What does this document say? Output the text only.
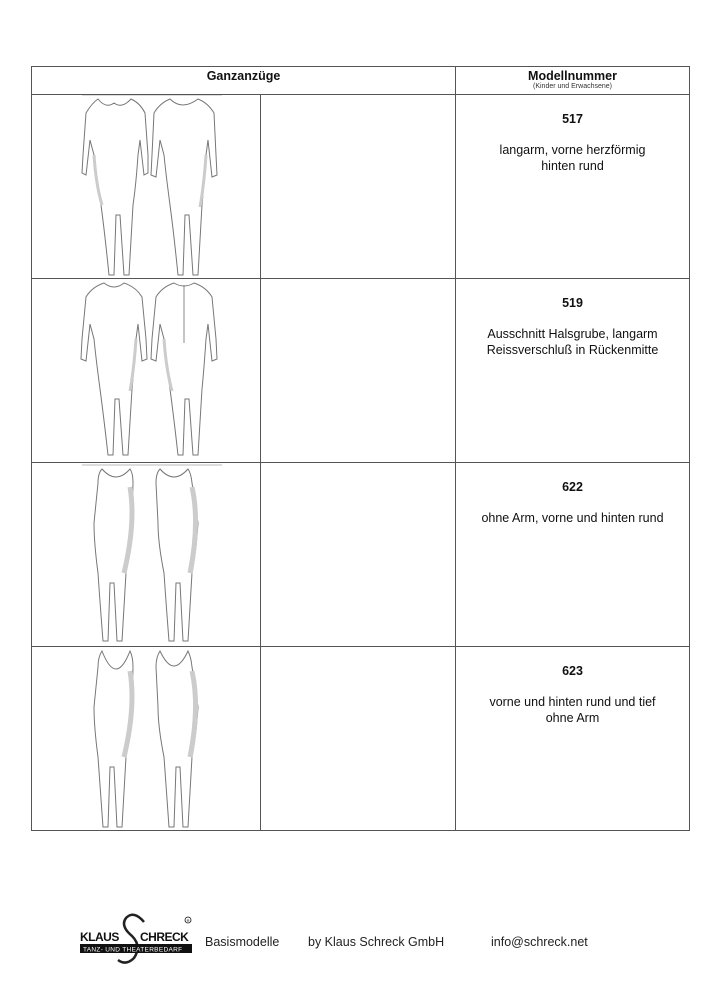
Ganzanzüge	Modellnummer
(Kinder und Erwachsene)
517
langarm, vorne herzförmig
hinten rund
519
Ausschnitt Halsgrube, langarm
Reissverschluß in Rückenmitte
622
ohne Arm, vorne und hinten rund
623
vorne und hinten rund und tief
ohne Arm
KLAUS CHRECK
TANZ- UND THEATERBEDARF
R
Basismodelle by Klaus Schreck GmbH	info@schreck.net
